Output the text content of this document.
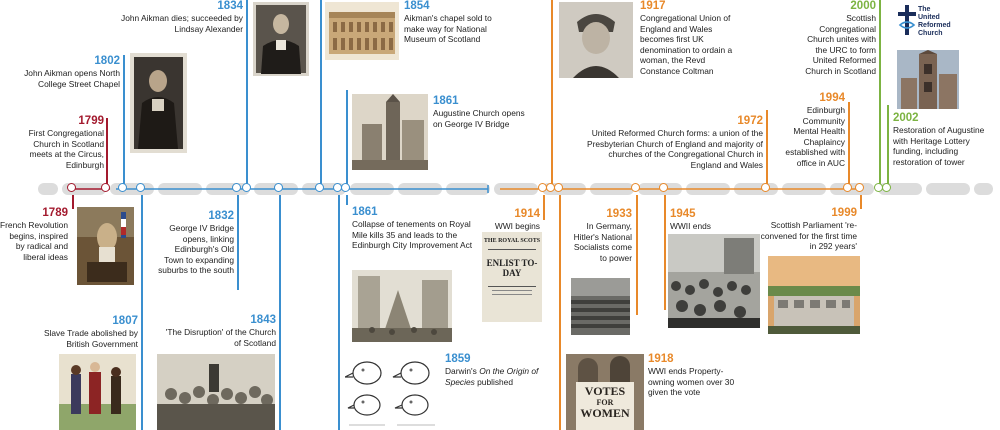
1789
French Revolution begins, inspired by radical and liberal ideas
1799
First Congregational Church in Scotland meets at the Circus, Edinburgh
1802
John Aikman opens North College Street Chapel
1807
Slave Trade abolished by British Government
1832
George IV Bridge opens, linking Edinburgh's Old Town to expanding suburbs to the south
1834
John Aikman dies; succeeded by Lindsay Alexander
1843
'The Disruption' of the Church of Scotland
1854
Aikman's chapel sold to make way for National Museum of Scotland
1859
Darwin's On the Origin of Species published
1861
Augustine Church opens on George IV Bridge
1861
Collapse of tenements on Royal Mile kills 35 and leads to the Edinburgh City Improvement Act
1914
WWI begins
1917
Congregational Union of England and Wales becomes first UK denomination to ordain a woman, the Revd Constance Coltman
1918
WWI ends Property-owning women over 30 given the vote
1933
In Germany, Hitler's National Socialists come to power
1945
WWII ends
1972
United Reformed Church forms: a union of the Presbyterian Church of England and majority of churches of the Congregational Church in England and Wales
1994
Edinburgh Community Mental Health Chaplaincy established with office in AUC
1999
Scottish Parliament 're-convened for the first time in 292 years'
2000
Scottish Congregational Church unites with the URC to form United Reformed Church in Scotland
2002
Restoration of Augustine with Heritage Lottery funding, including restoration of tower
THE ROYAL SCOTS
ENLIST TO-DAY
VOTES
FOR
WOMEN
The
United
Reformed
Church
